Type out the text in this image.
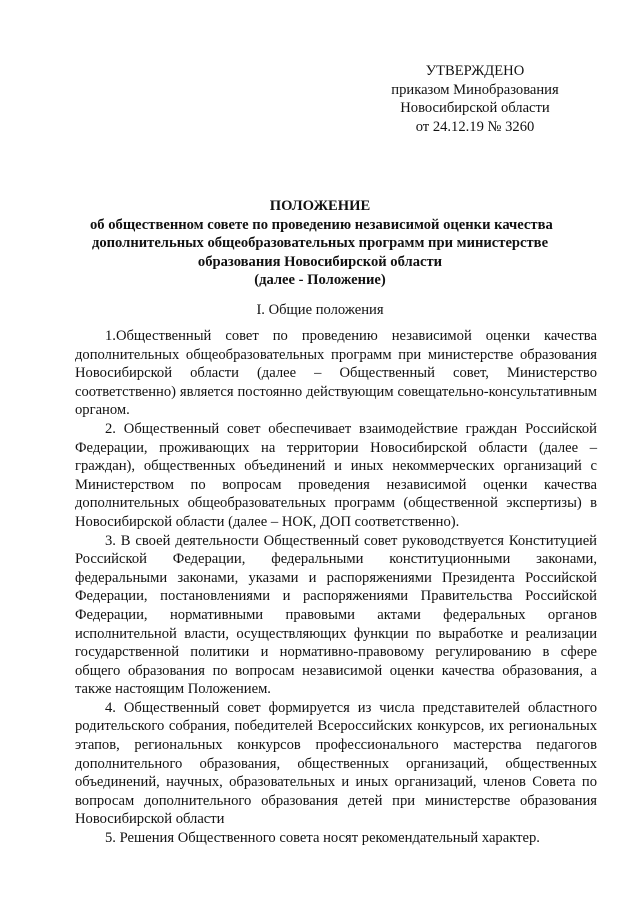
УТВЕРЖДЕНО
приказом Минобразования
Новосибирской области
от 24.12.19 № 3260
ПОЛОЖЕНИЕ
об общественном совете по проведению независимой оценки качества
дополнительных общеобразовательных программ при министерстве
образования Новосибирской области
(далее - Положение)
I. Общие положения

1.Общественный совет по проведению независимой оценки качества дополнительных общеобразовательных программ при министерстве образования Новосибирской области (далее – Общественный совет, Министерство соответственно) является постоянно действующим совещательно-консультативным органом.

2. Общественный совет обеспечивает взаимодействие граждан Российской Федерации, проживающих на территории Новосибирской области (далее – граждан), общественных объединений и иных некоммерческих организаций с Министерством по вопросам проведения независимой оценки качества дополнительных общеобразовательных программ (общественной экспертизы) в Новосибирской области (далее – НОК, ДОП соответственно).

3. В своей деятельности Общественный совет руководствуется Конституцией Российской Федерации, федеральными конституционными законами, федеральными законами, указами и распоряжениями Президента Российской Федерации, постановлениями и распоряжениями Правительства Российской Федерации, нормативными правовыми актами федеральных органов исполнительной власти, осуществляющих функции по выработке и реализации государственной политики и нормативно-правовому регулированию в сфере общего образования по вопросам независимой оценки качества образования, а также настоящим Положением.

4. Общественный совет формируется из числа представителей областного родительского собрания, победителей Всероссийских конкурсов, их региональных этапов, региональных конкурсов профессионального мастерства педагогов дополнительного образования, общественных организаций, общественных объединений, научных, образовательных и иных организаций, членов Совета по вопросам дополнительного образования детей при министерстве образования Новосибирской области

5. Решения Общественного совета носят рекомендательный характер.
